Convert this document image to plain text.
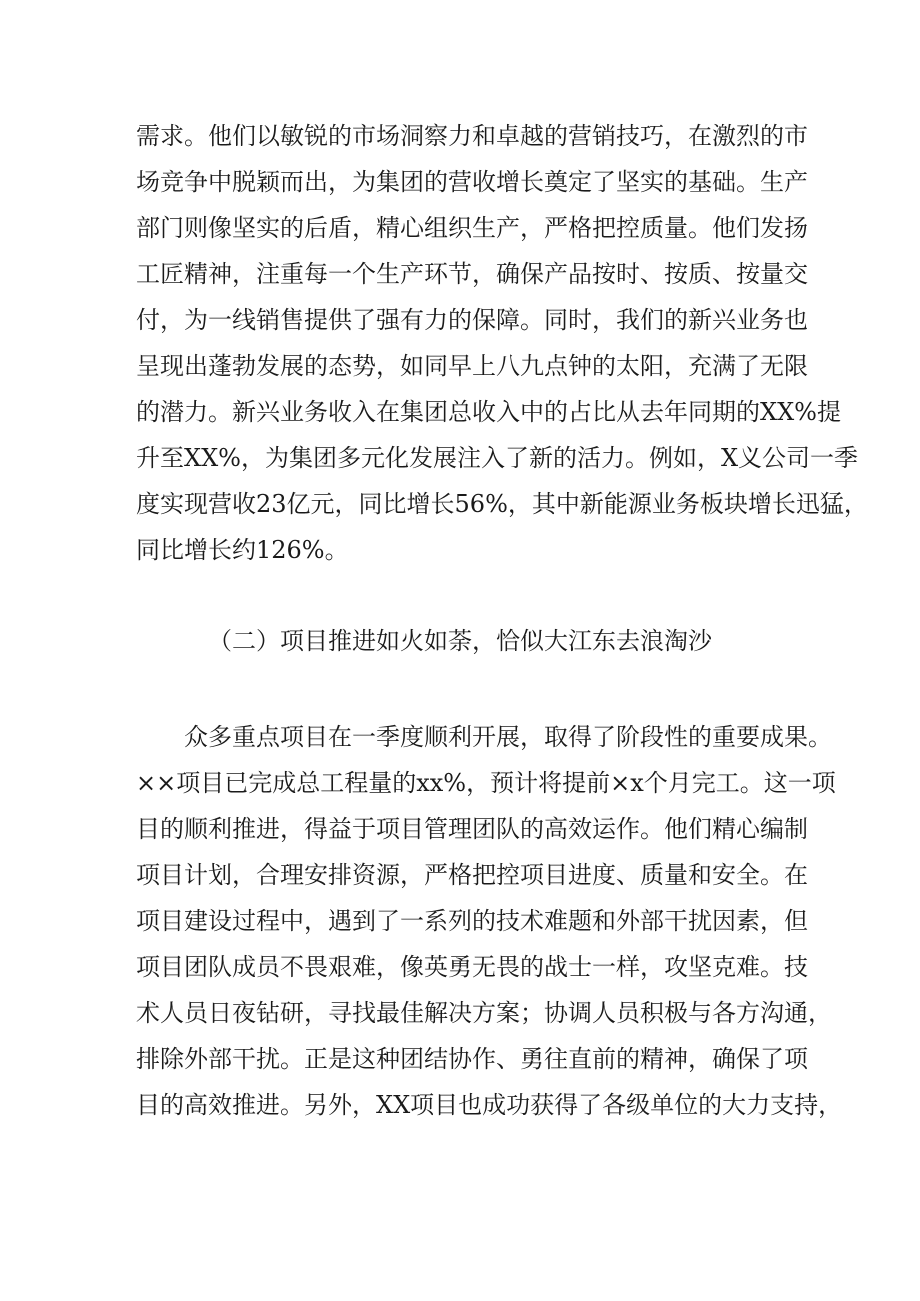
需求。他们以敏锐的市场洞察力和卓越的营销技巧，在激烈的市
场竞争中脱颖而出，为集团的营收增长奠定了坚实的基础。生产
部门则像坚实的后盾，精心组织生产，严格把控质量。他们发扬
工匠精神，注重每一个生产环节，确保产品按时、按质、按量交
付，为一线销售提供了强有力的保障。同时，我们的新兴业务也
呈现出蓬勃发展的态势，如同早上八九点钟的太阳，充满了无限
的潜力。新兴业务收入在集团总收入中的占比从去年同期的XX%提
升至XX%，为集团多元化发展注入了新的活力。例如，X义公司一季
度实现营收23亿元，同比增长56%，其中新能源业务板块增长迅猛，
同比增长约126%。
（二）项目推进如火如荼，恰似大江东去浪淘沙
众多重点项目在一季度顺利开展，取得了阶段性的重要成果。
××项目已完成总工程量的xx%，预计将提前×x个月完工。这一项
目的顺利推进，得益于项目管理团队的高效运作。他们精心编制
项目计划，合理安排资源，严格把控项目进度、质量和安全。在
项目建设过程中，遇到了一系列的技术难题和外部干扰因素，但
项目团队成员不畏艰难，像英勇无畏的战士一样，攻坚克难。技
术人员日夜钻研，寻找最佳解决方案；协调人员积极与各方沟通，
排除外部干扰。正是这种团结协作、勇往直前的精神，确保了项
目的高效推进。另外，XX项目也成功获得了各级单位的大力支持，
